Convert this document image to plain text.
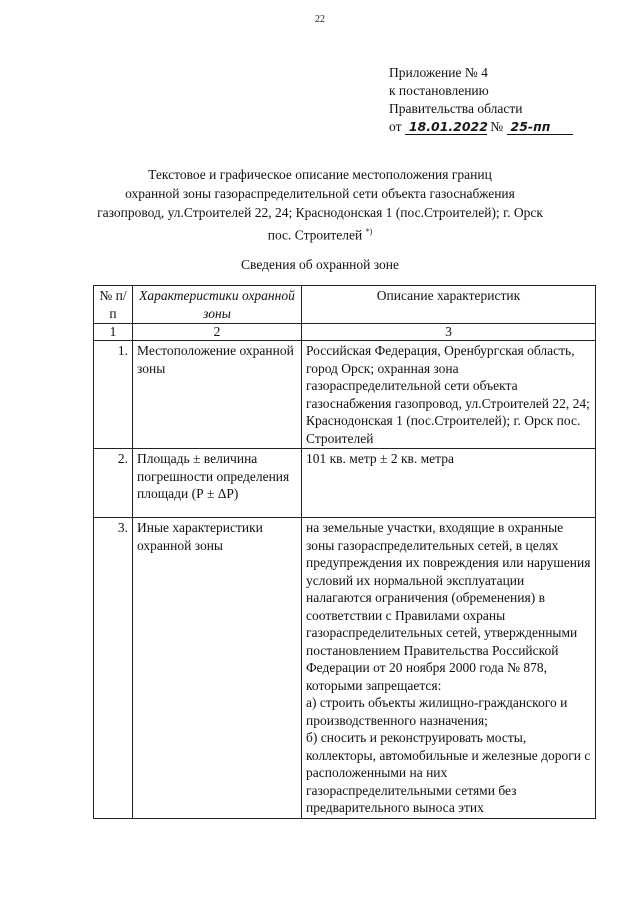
22
Приложение № 4
к постановлению
Правительства области
от 18.01.2022 № 25-пп
Текстовое и графическое описание местоположения границ
охранной зоны газораспределительной сети объекта газоснабжения
газопровод, ул.Строителей 22, 24; Краснодонская 1 (пос.Строителей); г. Орск
пос. Строителей *)
Сведения об охранной зоне
№ п/п	Характеристики охранной зоны	Описание характеристик
1	2	3
1.	Местоположение охранной зоны	Российская Федерация, Оренбургская область, город Орск; охранная зона газораспределительной сети объекта газоснабжения газопровод, ул.Строителей 22, 24; Краснодонская 1 (пос.Строителей); г. Орск пос. Строителей
2.	Площадь ± величина погрешности определения площади (Р ± ΔР)	101 кв. метр ± 2 кв. метра
3.	Иные характеристики охранной зоны	на земельные участки, входящие в охранные зоны газораспределительных сетей, в целях предупреждения их повреждения или нарушения условий их нормальной эксплуатации налагаются ограничения (обременения) в соответствии с Правилами охраны газораспределительных сетей, утвержденными постановлением Правительства Российской Федерации от 20 ноября 2000 года № 878, которыми запрещается:
а) строить объекты жилищно-гражданского и производственного назначения;
б) сносить и реконструировать мосты, коллекторы, автомобильные и железные дороги с расположенными на них газораспределительными сетями без предварительного выноса этих
